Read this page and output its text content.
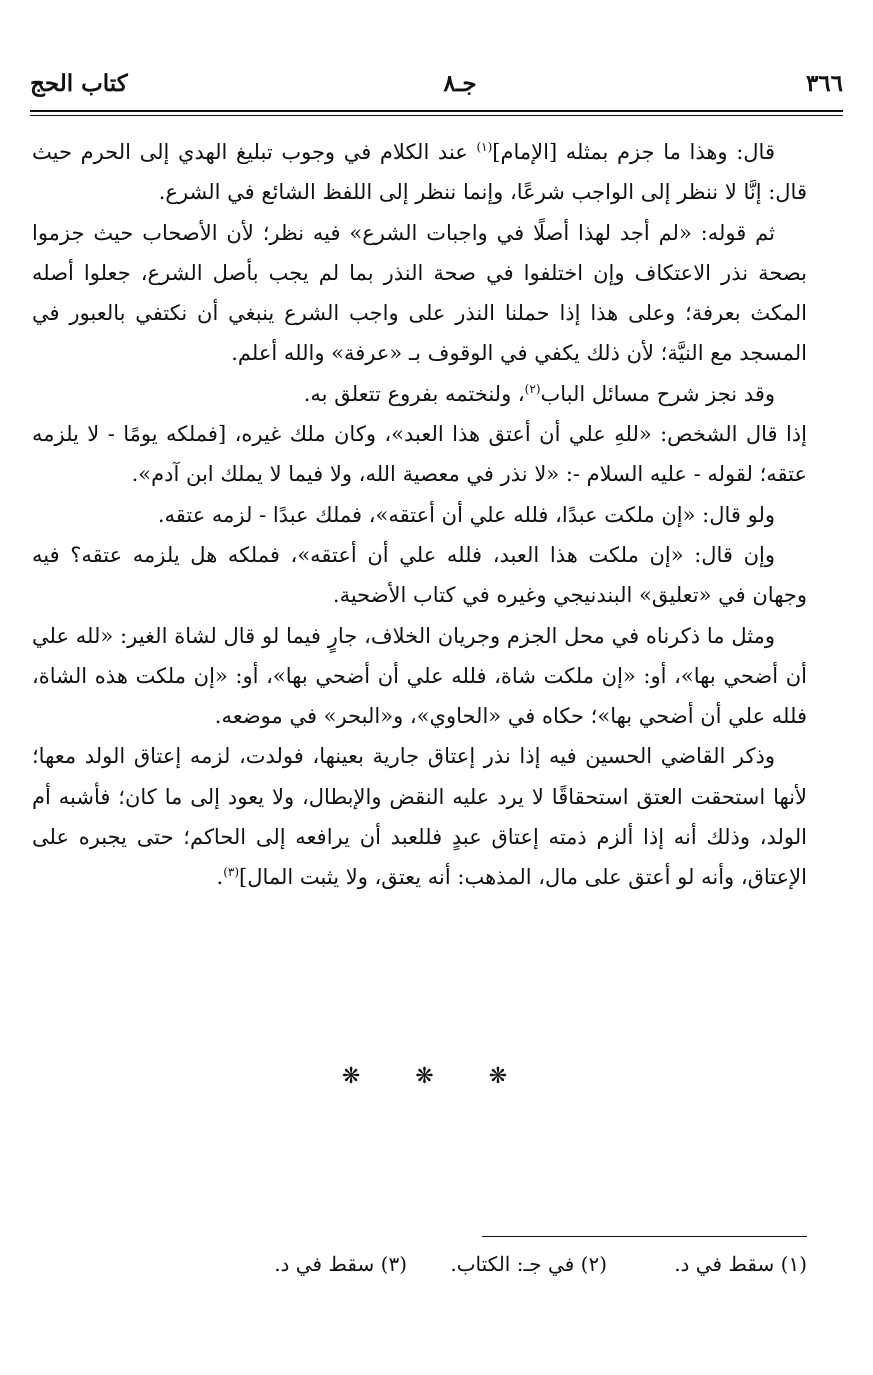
٣٦٦
جـ٨
كتاب الحج

قال: وهذا ما جزم بمثله [الإمام]$^{(١)}$ عند الكلام في وجوب تبليغ الهدي إلى الحرم حيث قال: إنَّا لا ننظر إلى الواجب شرعًا، وإنما ننظر إلى اللفظ الشائع في الشرع.

ثم قوله: «لم أجد لهذا أصلًا في واجبات الشرع» فيه نظر؛ لأن الأصحاب حيث جزموا بصحة نذر الاعتكاف وإن اختلفوا في صحة النذر بما لم يجب بأصل الشرع، جعلوا أصله المكث بعرفة؛ وعلى هذا إذا حملنا النذر على واجب الشرع ينبغي أن نكتفي بالعبور في المسجد مع النيَّة؛ لأن ذلك يكفي في الوقوف بـ «عرفة» والله أعلم.

وقد نجز شرح مسائل الباب$^{(٢)}$، ولنختمه بفروع تتعلق به.

إذا قال الشخص: «للهِ علي أن أعتق هذا العبد»، وكان ملك غيره، [فملكه يومًا - لا يلزمه عتقه؛ لقوله - عليه السلام -: «لا نذر في معصية الله، ولا فيما لا يملك ابن آدم».

ولو قال: «إن ملكت عبدًا، فلله علي أن أعتقه»، فملك عبدًا - لزمه عتقه.

وإن قال: «إن ملكت هذا العبد، فلله علي أن أعتقه»، فملكه هل يلزمه عتقه؟ فيه وجهان في «تعليق» البندنيجي وغيره في كتاب الأضحية.

ومثل ما ذكرناه في محل الجزم وجريان الخلاف، جارٍ فيما لو قال لشاة الغير: «لله علي أن أضحي بها»، أو: «إن ملكت شاة، فلله علي أن أضحي بها»، أو: «إن ملكت هذه الشاة، فلله علي أن أضحي بها»؛ حكاه في «الحاوي»، و«البحر» في موضعه.

وذكر القاضي الحسين فيه إذا نذر إعتاق جارية بعينها، فولدت، لزمه إعتاق الولد معها؛ لأنها استحقت العتق استحقاقًا لا يرد عليه النقض والإبطال، ولا يعود إلى ما كان؛ فأشبه أم الولد، وذلك أنه إذا ألزم ذمته إعتاق عبدٍ فللعبد أن يرافعه إلى الحاكم؛ حتى يجبره على الإعتاق، وأنه لو أعتق على مال، المذهب: أنه يعتق، ولا يثبت المال]$^{(٣)}$.

❋ ❋ ❋
(١) سقط في د.
(٢) في جـ: الكتاب.
(٣) سقط في د.
